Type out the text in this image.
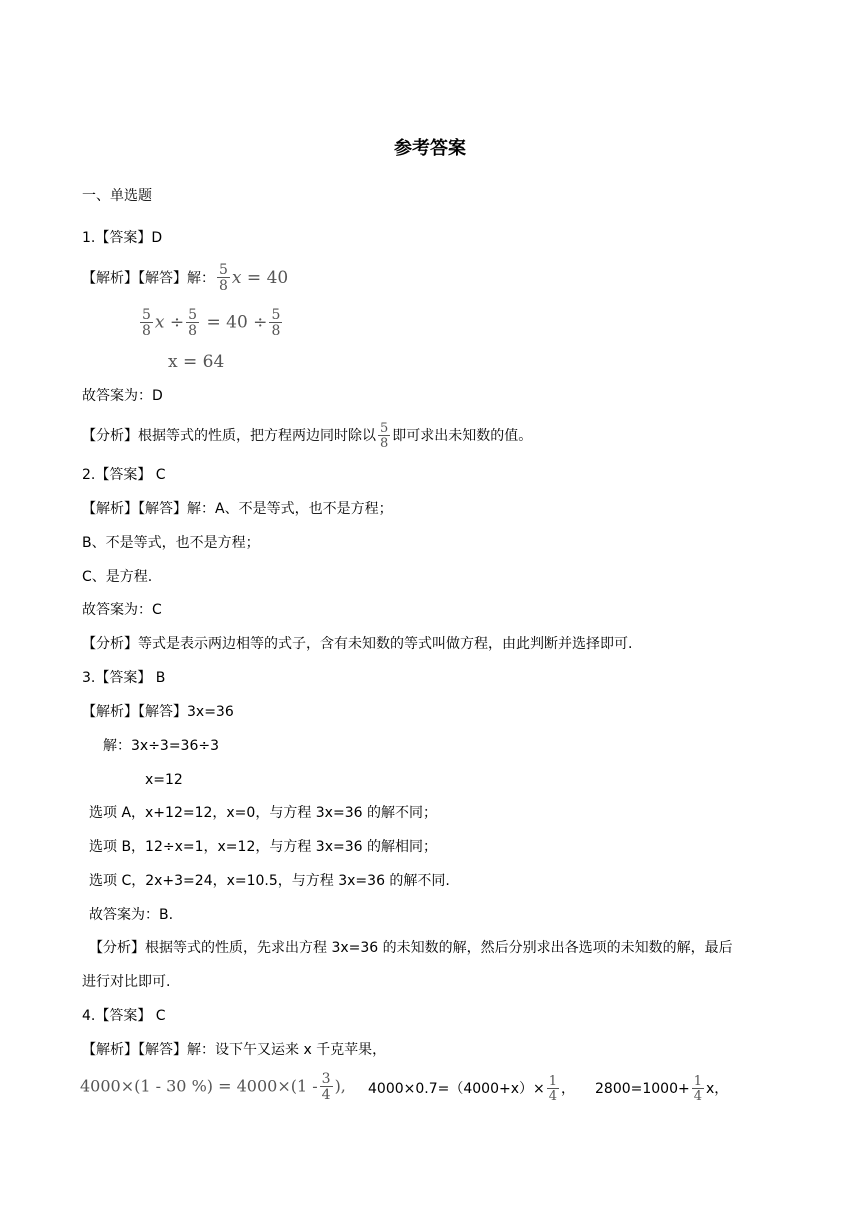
参考答案
一、单选题
1.【答案】D
【解析】【解答】解： $\frac{5}{8}$ x = 40
$\frac{5}{8}$ $x \div \frac{5}{8} = 40 \div \frac{5}{8}$
x = 64
故答案为：D
【分析】根据等式的性质，把方程两边同时除以 $\frac{5}{8}$ 即可求出未知数的值。
2.【答案】 C
【解析】【解答】解：A、不是等式，也不是方程；
B、不是等式，也不是方程；
C、是方程.
故答案为：C
【分析】等式是表示两边相等的式子，含有未知数的等式叫做方程，由此判断并选择即可.
3.【答案】 B
【解析】【解答】3x=36
解：3x÷3=36÷3
x=12
选项 A，x+12=12，x=0，与方程 3x=36 的解不同；
选项 B，12÷x=1，x=12，与方程 3x=36 的解相同；
选项 C，2x+3=24，x=10.5，与方程 3x=36 的解不同.
故答案为：B.
【分析】根据等式的性质，先求出方程 3x=36 的未知数的解，然后分别求出各选项的未知数的解，最后
进行对比即可.
4.【答案】 C
【解析】【解答】解：设下午又运来 x 千克苹果，
4000×(1 - 30 %) = $4000\times(1 - \frac{3}{4}$ ), $4000\times 0.7=(4000+x)\times \frac{1}{4}$ ， $2800=1000+ \frac{1}{4}$ x，
